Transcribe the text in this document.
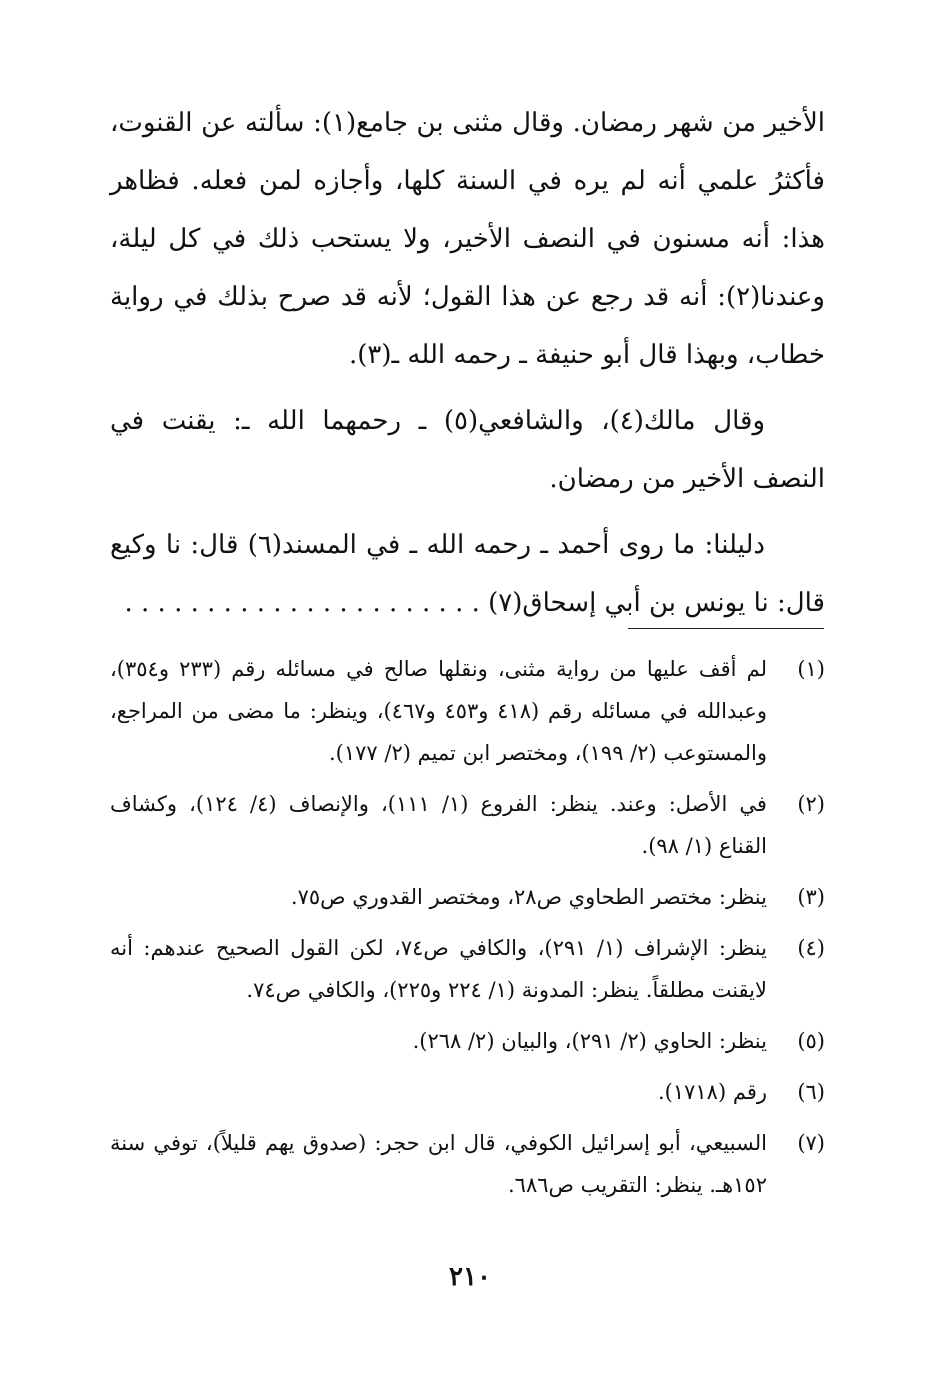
الأخير من شهر رمضان. وقال مثنى بن جامع(١): سألته عن القنوت، فأكثرُ علمي أنه لم يره في السنة كلها، وأجازه لمن فعله. فظاهر هذا: أنه مسنون في النصف الأخير، ولا يستحب ذلك في كل ليلة، وعندنا(٢): أنه قد رجع عن هذا القول؛ لأنه قد صرح بذلك في رواية خطاب، وبهذا قال أبو حنيفة ـ رحمه الله ـ(٣).

وقال مالك(٤)، والشافعي(٥) ـ رحمهما الله ـ: يقنت في النصف الأخير من رمضان.

دليلنا: ما روى أحمد ـ رحمه الله ـ في المسند(٦) قال: نا وكيع قال: نا يونس بن أبي إسحاق(٧) . . . . . . . . . . . . . . . . . . . . . .

(١)
لم أقف عليها من رواية مثنى، ونقلها صالح في مسائله رقم (٢٣٣ و٣٥٤)، وعبدالله في مسائله رقم (٤١٨ و٤٥٣ و٤٦٧)، وينظر: ما مضى من المراجع، والمستوعب (٢/ ١٩٩)، ومختصر ابن تميم (٢/ ١٧٧).
(٢)
في الأصل: وعند. ينظر: الفروع (١/ ١١١)، والإنصاف (٤/ ١٢٤)، وكشاف القناع (١/ ٩٨).
(٣)
ينظر: مختصر الطحاوي ص٢٨، ومختصر القدوري ص٧٥.
(٤)
ينظر: الإشراف (١/ ٢٩١)، والكافي ص٧٤، لكن القول الصحيح عندهم: أنه لايقنت مطلقاً. ينظر: المدونة (١/ ٢٢٤ و٢٢٥)، والكافي ص٧٤.
(٥)
ينظر: الحاوي (٢/ ٢٩١)، والبيان (٢/ ٢٦٨).
(٦)
رقم (١٧١٨).
(٧)
السبيعي، أبو إسرائيل الكوفي، قال ابن حجر: (صدوق يهم قليلاً)، توفي سنة ١٥٢هـ. ينظر: التقريب ص٦٨٦.
٢١٠
